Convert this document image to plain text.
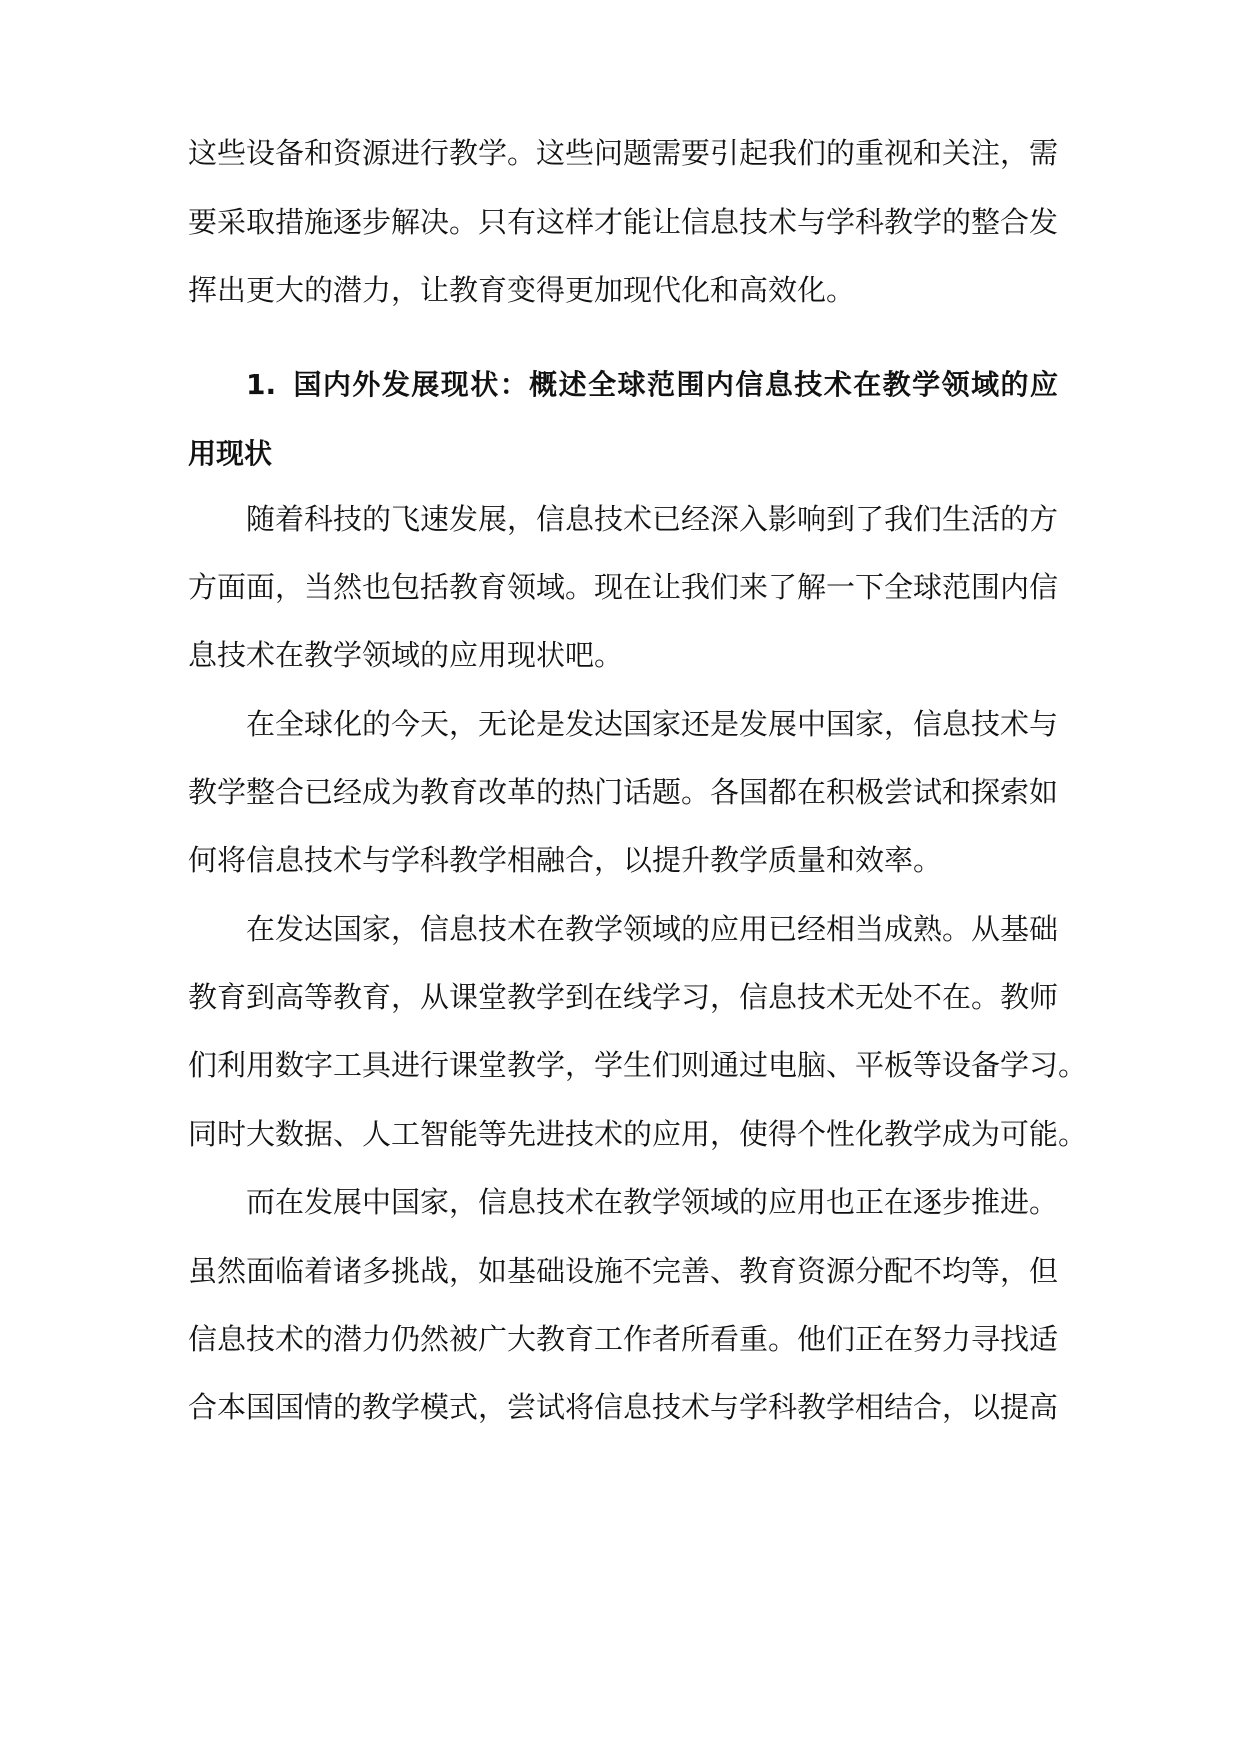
这些设备和资源进行教学。这些问题需要引起我们的重视和关注，需
要采取措施逐步解决。只有这样才能让信息技术与学科教学的整合发
挥出更大的潜力，让教育变得更加现代化和高效化。
1. 国内外发展现状：概述全球范围内信息技术在教学领域的应
用现状
随着科技的飞速发展，信息技术已经深入影响到了我们生活的方
方面面，当然也包括教育领域。现在让我们来了解一下全球范围内信
息技术在教学领域的应用现状吧。
在全球化的今天，无论是发达国家还是发展中国家，信息技术与
教学整合已经成为教育改革的热门话题。各国都在积极尝试和探索如
何将信息技术与学科教学相融合，以提升教学质量和效率。
在发达国家，信息技术在教学领域的应用已经相当成熟。从基础
教育到高等教育，从课堂教学到在线学习，信息技术无处不在。教师
们利用数字工具进行课堂教学，学生们则通过电脑、平板等设备学习。
同时大数据、人工智能等先进技术的应用，使得个性化教学成为可能。
而在发展中国家，信息技术在教学领域的应用也正在逐步推进。
虽然面临着诸多挑战，如基础设施不完善、教育资源分配不均等，但
信息技术的潜力仍然被广大教育工作者所看重。他们正在努力寻找适
合本国国情的教学模式，尝试将信息技术与学科教学相结合，以提高
